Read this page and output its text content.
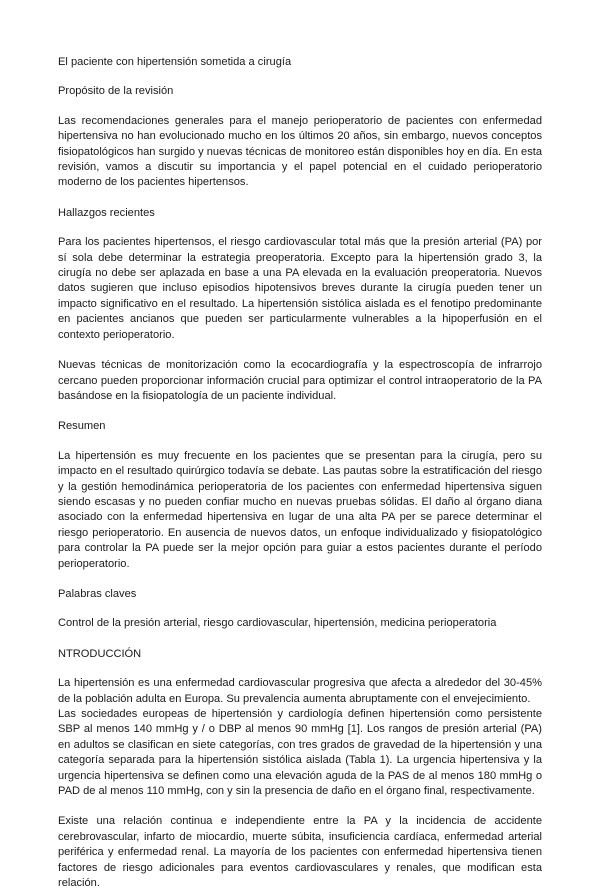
El paciente con hipertensión sometida a cirugía

Propósito de la revisión

Las recomendaciones generales para el manejo perioperatorio de pacientes con enfermedad hipertensiva no han evolucionado mucho en los últimos 20 años, sin embargo, nuevos conceptos fisiopatológicos han surgido y nuevas técnicas de monitoreo están disponibles hoy en día. En esta revisión, vamos a discutir su importancia y el papel potencial en el cuidado perioperatorio moderno de los pacientes hipertensos.

Hallazgos recientes

Para los pacientes hipertensos, el riesgo cardiovascular total más que la presión arterial (PA) por sí sola debe determinar la estrategia preoperatoria. Excepto para la hipertensión grado 3, la cirugía no debe ser aplazada en base a una PA elevada en la evaluación preoperatoria. Nuevos datos sugieren que incluso episodios hipotensivos breves durante la cirugía pueden tener un impacto significativo en el resultado. La hipertensión sistólica aislada es el fenotipo predominante en pacientes ancianos que pueden ser particularmente vulnerables a la hipoperfusión en el contexto perioperatorio.

Nuevas técnicas de monitorización como la ecocardiografía y la espectroscopía de infrarrojo cercano pueden proporcionar información crucial para optimizar el control intraoperatorio de la PA basándose en la fisiopatología de un paciente individual.

Resumen

La hipertensión es muy frecuente en los pacientes que se presentan para la cirugía, pero su impacto en el resultado quirúrgico todavía se debate. Las pautas sobre la estratificación del riesgo y la gestión hemodinámica perioperatoria de los pacientes con enfermedad hipertensiva siguen siendo escasas y no pueden confiar mucho en nuevas pruebas sólidas. El daño al órgano diana asociado con la enfermedad hipertensiva en lugar de una alta PA per se parece determinar el riesgo perioperatorio. En ausencia de nuevos datos, un enfoque individualizado y fisiopatológico para controlar la PA puede ser la mejor opción para guiar a estos pacientes durante el período perioperatorio.

Palabras claves

Control de la presión arterial, riesgo cardiovascular, hipertensión, medicina perioperatoria

NTRODUCCIÓN

La hipertensión es una enfermedad cardiovascular progresiva que afecta a alrededor del 30-45% de la población adulta en Europa. Su prevalencia aumenta abruptamente con el envejecimiento.

Las sociedades europeas de hipertensión y cardiología definen hipertensión como persistente SBP al menos 140 mmHg y / o DBP al menos 90 mmHg [1]. Los rangos de presión arterial (PA) en adultos se clasifican en siete categorías, con tres grados de gravedad de la hipertensión y una categoría separada para la hipertensión sistólica aislada (Tabla 1). La urgencia hipertensiva y la urgencia hipertensiva se definen como una elevación aguda de la PAS de al menos 180 mmHg o PAD de al menos 110 mmHg, con y sin la presencia de daño en el órgano final, respectivamente.

Existe una relación continua e independiente entre la PA y la incidencia de accidente cerebrovascular, infarto de miocardio, muerte súbita, insuficiencia cardíaca, enfermedad arterial periférica y enfermedad renal. La mayoría de los pacientes con enfermedad hipertensiva tienen factores de riesgo adicionales para eventos cardiovasculares y renales, que modifican esta relación.
